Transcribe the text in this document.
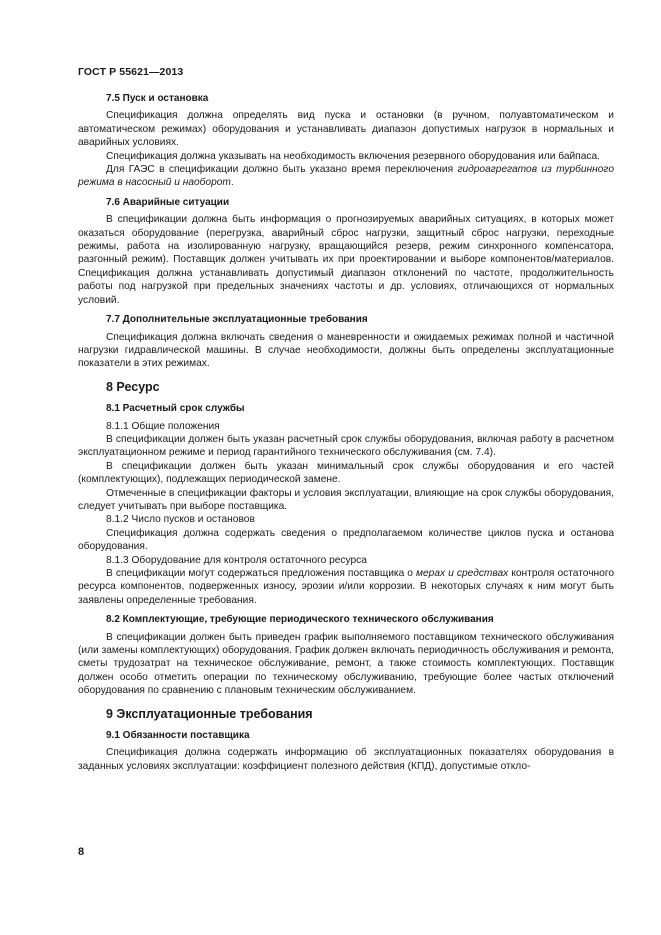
ГОСТ Р 55621—2013
7.5 Пуск и остановка

Спецификация должна определять вид пуска и остановки (в ручном, полуавтоматическом и автоматическом режимах) оборудования и устанавливать диапазон допустимых нагрузок в нормальных и аварийных условиях.

Спецификация должна указывать на необходимость включения резервного оборудования или байпаса.

Для ГАЭС в спецификации должно быть указано время переключения гидроагрегатов из турбинного режима в насосный и наоборот.

7.6 Аварийные ситуации

В спецификации должна быть информация о прогнозируемых аварийных ситуациях, в которых может оказаться оборудование (перегрузка, аварийный сброс нагрузки, защитный сброс нагрузки, переходные режимы, работа на изолированную нагрузку, вращающийся резерв, режим синхронного компенсатора, разгонный режим). Поставщик должен учитывать их при проектировании и выборе компонентов/материалов. Спецификация должна устанавливать допустимый диапазон отклонений по частоте, продолжительность работы под нагрузкой при предельных значениях частоты и др. условиях, отличающихся от нормальных условий.

7.7 Дополнительные эксплуатационные требования

Спецификация должна включать сведения о маневренности и ожидаемых режимах полной и частичной нагрузки гидравлической машины. В случае необходимости, должны быть определены эксплуатационные показатели в этих режимах.

8 Ресурс
8.1 Расчетный срок службы

8.1.1 Общие положения

В спецификации должен быть указан расчетный срок службы оборудования, включая работу в расчетном эксплуатационном режиме и период гарантийного технического обслуживания (см. 7.4).

В спецификации должен быть указан минимальный срок службы оборудования и его частей (комплектующих), подлежащих периодической замене.

Отмеченные в спецификации факторы и условия эксплуатации, влияющие на срок службы оборудования, следует учитывать при выборе поставщика.

8.1.2 Число пусков и остановов

Спецификация должна содержать сведения о предполагаемом количестве циклов пуска и останова оборудования.

8.1.3 Оборудование для контроля остаточного ресурса

В спецификации могут содержаться предложения поставщика о мерах и средствах контроля остаточного ресурса компонентов, подверженных износу, эрозии и/или коррозии. В некоторых случаях к ним могут быть заявлены определенные требования.

8.2 Комплектующие, требующие периодического технического обслуживания

В спецификации должен быть приведен график выполняемого поставщиком технического обслуживания (или замены комплектующих) оборудования. График должен включать периодичность обслуживания и ремонта, сметы трудозатрат на техническое обслуживание, ремонт, а также стоимость комплектующих. Поставщик должен особо отметить операции по техническому обслуживанию, требующие более частых отключений оборудования по сравнению с плановым техническим обслуживанием.

9 Эксплуатационные требования
9.1 Обязанности поставщика

Спецификация должна содержать информацию об эксплуатационных показателях оборудования в заданных условиях эксплуатации: коэффициент полезного действия (КПД), допустимые откло-

8
